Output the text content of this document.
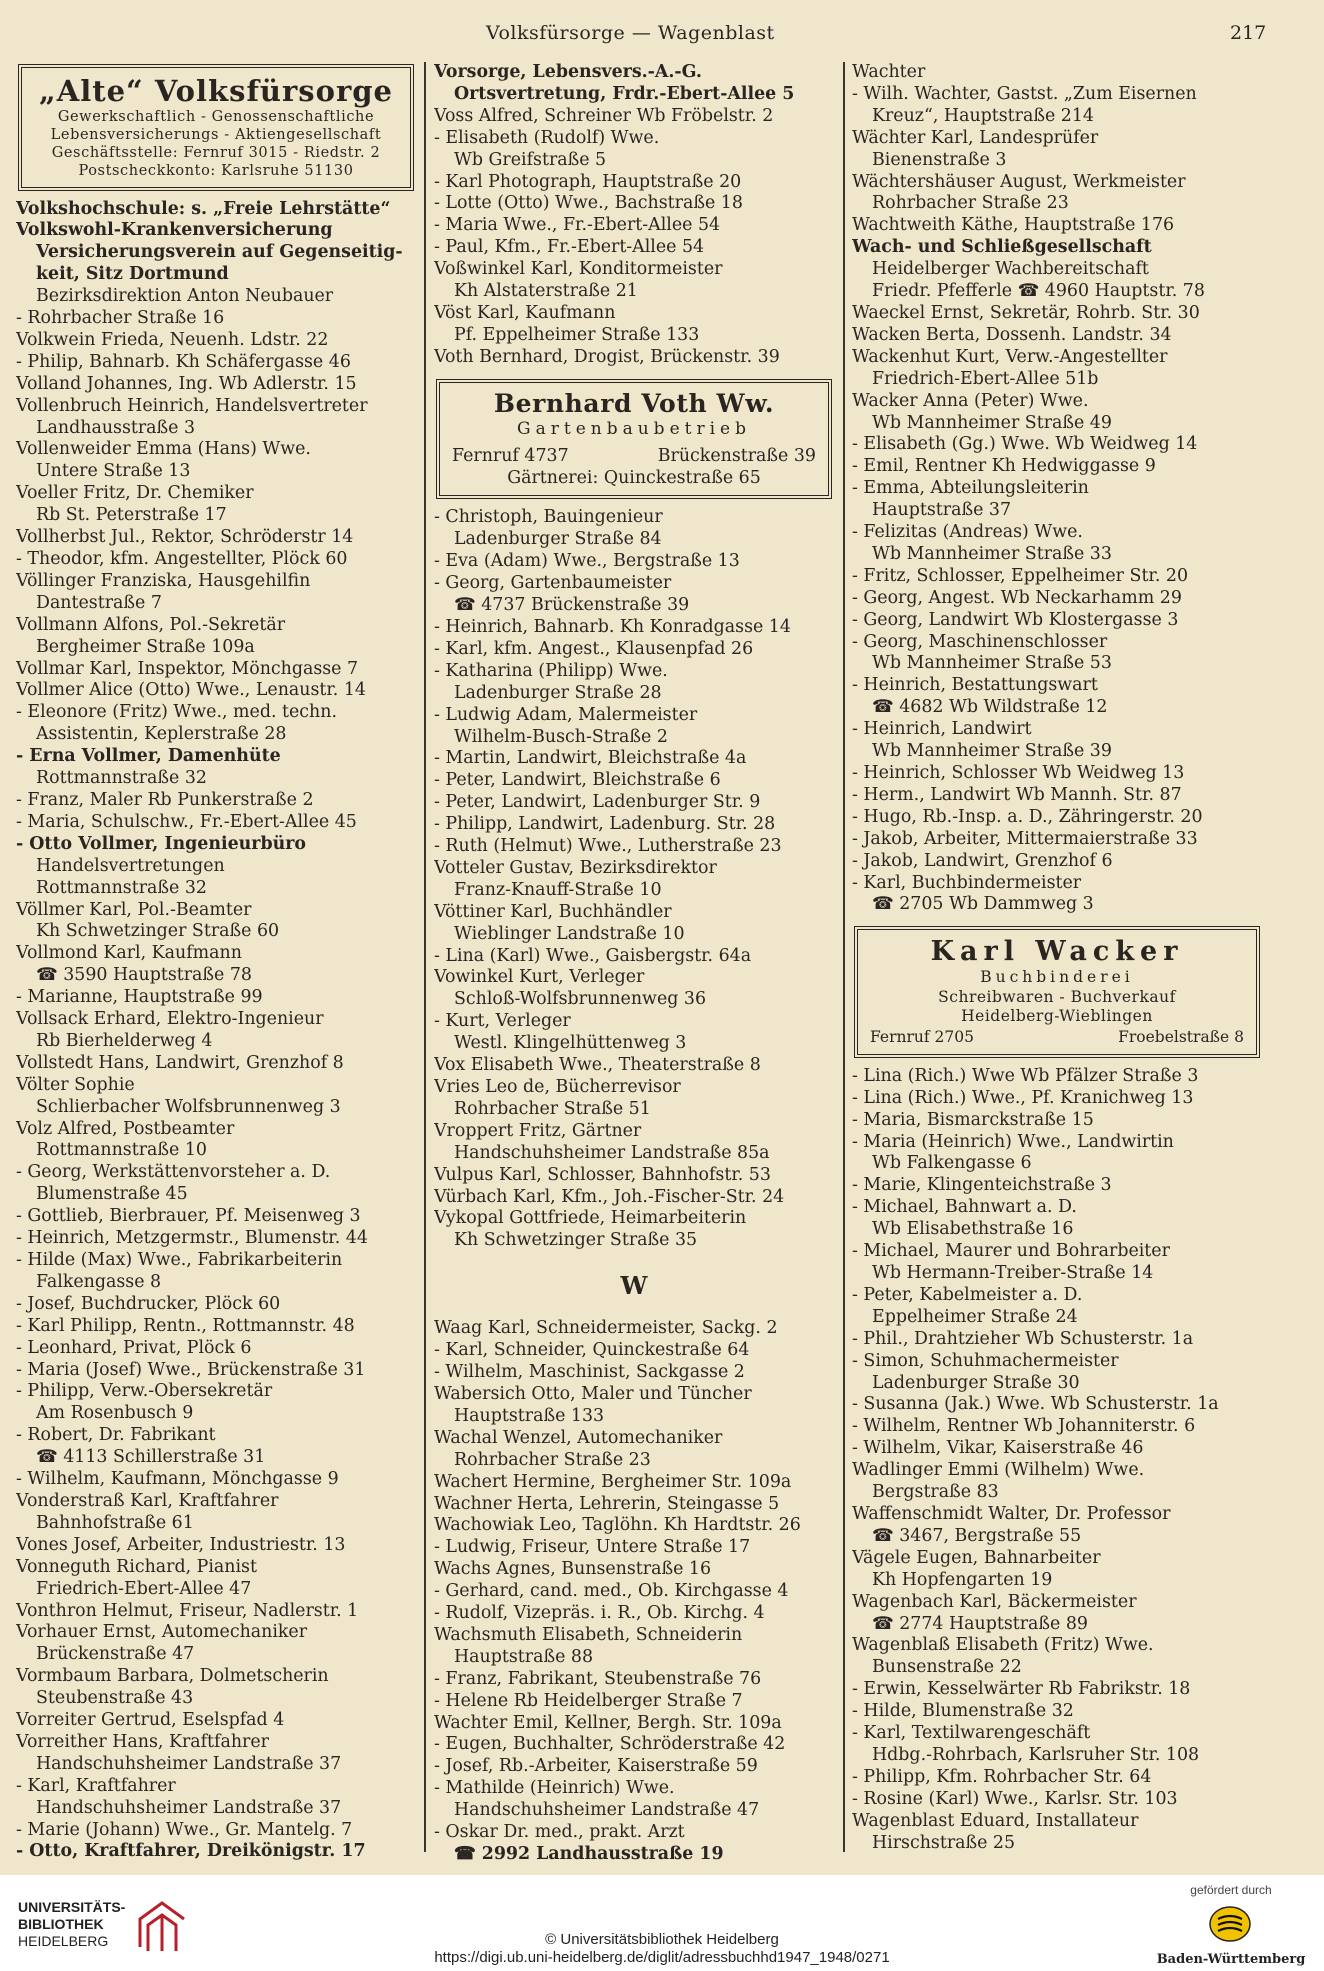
Volksfürsorge — Wagenblast	217
„Alte“ Volksfürsorge
Gewerkschaftlich - Genossenschaftliche
Lebensversicherungs - Aktiengesellschaft
Geschäftsstelle: Fernruf 3015 - Riedstr. 2
Postscheckkonto: Karlsruhe 51130
Volkshochschule: s. „Freie Lehrstätte“
Volkswohl-Krankenversicherung
Versicherungsverein auf Gegenseitig-
keit, Sitz Dortmund
Bezirksdirektion Anton Neubauer
- Rohrbacher Straße 16
Volkwein Frieda, Neuenh. Ldstr. 22
- Philip, Bahnarb. Kh Schäfergasse 46
Volland Johannes, Ing. Wb Adlerstr. 15
Vollenbruch Heinrich, Handelsvertreter
Landhausstraße 3
Vollenweider Emma (Hans) Wwe.
Untere Straße 13
Voeller Fritz, Dr. Chemiker
Rb St. Peterstraße 17
Vollherbst Jul., Rektor, Schröderstr 14
- Theodor, kfm. Angestellter, Plöck 60
Völlinger Franziska, Hausgehilfin
Dantestraße 7
Vollmann Alfons, Pol.-Sekretär
Bergheimer Straße 109a
Vollmar Karl, Inspektor, Mönchgasse 7
Vollmer Alice (Otto) Wwe., Lenaustr. 14
- Eleonore (Fritz) Wwe., med. techn.
Assistentin, Keplerstraße 28
- Erna Vollmer, Damenhüte
Rottmannstraße 32
- Franz, Maler Rb Punkerstraße 2
- Maria, Schulschw., Fr.-Ebert-Allee 45
- Otto Vollmer, Ingenieurbüro
Handelsvertretungen
Rottmannstraße 32
Völlmer Karl, Pol.-Beamter
Kh Schwetzinger Straße 60
Vollmond Karl, Kaufmann
☎ 3590 Hauptstraße 78
- Marianne, Hauptstraße 99
Vollsack Erhard, Elektro-Ingenieur
Rb Bierhelderweg 4
Vollstedt Hans, Landwirt, Grenzhof 8
Völter Sophie
Schlierbacher Wolfsbrunnenweg 3
Volz Alfred, Postbeamter
Rottmannstraße 10
- Georg, Werkstättenvorsteher a. D.
Blumenstraße 45
- Gottlieb, Bierbrauer, Pf. Meisenweg 3
- Heinrich, Metzgermstr., Blumenstr. 44
- Hilde (Max) Wwe., Fabrikarbeiterin
Falkengasse 8
- Josef, Buchdrucker, Plöck 60
- Karl Philipp, Rentn., Rottmannstr. 48
- Leonhard, Privat, Plöck 6
- Maria (Josef) Wwe., Brückenstraße 31
- Philipp, Verw.-Obersekretär
Am Rosenbusch 9
- Robert, Dr. Fabrikant
☎ 4113 Schillerstraße 31
- Wilhelm, Kaufmann, Mönchgasse 9
Vonderstraß Karl, Kraftfahrer
Bahnhofstraße 61
Vones Josef, Arbeiter, Industriestr. 13
Vonneguth Richard, Pianist
Friedrich-Ebert-Allee 47
Vonthron Helmut, Friseur, Nadlerstr. 1
Vorhauer Ernst, Automechaniker
Brückenstraße 47
Vormbaum Barbara, Dolmetscherin
Steubenstraße 43
Vorreiter Gertrud, Eselspfad 4
Vorreither Hans, Kraftfahrer
Handschuhsheimer Landstraße 37
- Karl, Kraftfahrer
Handschuhsheimer Landstraße 37
- Marie (Johann) Wwe., Gr. Mantelg. 7
- Otto, Kraftfahrer, Dreikönigstr. 17
Vorsorge, Lebensvers.-A.-G.
Ortsvertretung, Frdr.-Ebert-Allee 5
Voss Alfred, Schreiner Wb Fröbelstr. 2
- Elisabeth (Rudolf) Wwe.
Wb Greifstraße 5
- Karl Photograph, Hauptstraße 20
- Lotte (Otto) Wwe., Bachstraße 18
- Maria Wwe., Fr.-Ebert-Allee 54
- Paul, Kfm., Fr.-Ebert-Allee 54
Voßwinkel Karl, Konditormeister
Kh Alstaterstraße 21
Vöst Karl, Kaufmann
Pf. Eppelheimer Straße 133
Voth Bernhard, Drogist, Brückenstr. 39
Bernhard Voth Ww.
Gartenbaubetrieb
Fernruf 4737	Brückenstraße 39
Gärtnerei: Quinckestraße 65
- Christoph, Bauingenieur
Ladenburger Straße 84
- Eva (Adam) Wwe., Bergstraße 13
- Georg, Gartenbaumeister
☎ 4737 Brückenstraße 39
- Heinrich, Bahnarb. Kh Konradgasse 14
- Karl, kfm. Angest., Klausenpfad 26
- Katharina (Philipp) Wwe.
Ladenburger Straße 28
- Ludwig Adam, Malermeister
Wilhelm-Busch-Straße 2
- Martin, Landwirt, Bleichstraße 4a
- Peter, Landwirt, Bleichstraße 6
- Peter, Landwirt, Ladenburger Str. 9
- Philipp, Landwirt, Ladenburg. Str. 28
- Ruth (Helmut) Wwe., Lutherstraße 23
Votteler Gustav, Bezirksdirektor
Franz-Knauff-Straße 10
Vöttiner Karl, Buchhändler
Wieblinger Landstraße 10
- Lina (Karl) Wwe., Gaisbergstr. 64a
Vowinkel Kurt, Verleger
Schloß-Wolfsbrunnenweg 36
- Kurt, Verleger
Westl. Klingelhüttenweg 3
Vox Elisabeth Wwe., Theaterstraße 8
Vries Leo de, Bücherrevisor
Rohrbacher Straße 51
Vroppert Fritz, Gärtner
Handschuhsheimer Landstraße 85a
Vulpus Karl, Schlosser, Bahnhofstr. 53
Vürbach Karl, Kfm., Joh.-Fischer-Str. 24
Vykopal Gottfriede, Heimarbeiterin
Kh Schwetzinger Straße 35
W
Waag Karl, Schneidermeister, Sackg. 2
- Karl, Schneider, Quinckestraße 64
- Wilhelm, Maschinist, Sackgasse 2
Wabersich Otto, Maler und Tüncher
Hauptstraße 133
Wachal Wenzel, Automechaniker
Rohrbacher Straße 23
Wachert Hermine, Bergheimer Str. 109a
Wachner Herta, Lehrerin, Steingasse 5
Wachowiak Leo, Taglöhn. Kh Hardtstr. 26
- Ludwig, Friseur, Untere Straße 17
Wachs Agnes, Bunsenstraße 16
- Gerhard, cand. med., Ob. Kirchgasse 4
- Rudolf, Vizepräs. i. R., Ob. Kirchg. 4
Wachsmuth Elisabeth, Schneiderin
Hauptstraße 88
- Franz, Fabrikant, Steubenstraße 76
- Helene Rb Heidelberger Straße 7
Wachter Emil, Kellner, Bergh. Str. 109a
- Eugen, Buchhalter, Schröderstraße 42
- Josef, Rb.-Arbeiter, Kaiserstraße 59
- Mathilde (Heinrich) Wwe.
Handschuhsheimer Landstraße 47
- Oskar Dr. med., prakt. Arzt
☎ 2992 Landhausstraße 19
Wachter
- Wilh. Wachter, Gastst. „Zum Eisernen
Kreuz“, Hauptstraße 214
Wächter Karl, Landesprüfer
Bienenstraße 3
Wächtershäuser August, Werkmeister
Rohrbacher Straße 23
Wachtweith Käthe, Hauptstraße 176
Wach- und Schließgesellschaft
Heidelberger Wachbereitschaft
Friedr. Pfefferle ☎ 4960 Hauptstr. 78
Waeckel Ernst, Sekretär, Rohrb. Str. 30
Wacken Berta, Dossenh. Landstr. 34
Wackenhut Kurt, Verw.-Angestellter
Friedrich-Ebert-Allee 51b
Wacker Anna (Peter) Wwe.
Wb Mannheimer Straße 49
- Elisabeth (Gg.) Wwe. Wb Weidweg 14
- Emil, Rentner Kh Hedwiggasse 9
- Emma, Abteilungsleiterin
Hauptstraße 37
- Felizitas (Andreas) Wwe.
Wb Mannheimer Straße 33
- Fritz, Schlosser, Eppelheimer Str. 20
- Georg, Angest. Wb Neckarhamm 29
- Georg, Landwirt Wb Klostergasse 3
- Georg, Maschinenschlosser
Wb Mannheimer Straße 53
- Heinrich, Bestattungswart
☎ 4682 Wb Wildstraße 12
- Heinrich, Landwirt
Wb Mannheimer Straße 39
- Heinrich, Schlosser Wb Weidweg 13
- Herm., Landwirt Wb Mannh. Str. 87
- Hugo, Rb.-Insp. a. D., Zähringerstr. 20
- Jakob, Arbeiter, Mittermaierstraße 33
- Jakob, Landwirt, Grenzhof 6
- Karl, Buchbindermeister
☎ 2705 Wb Dammweg 3
Karl Wacker
Buchbinderei
Schreibwaren - Buchverkauf
Heidelberg-Wieblingen
Fernruf 2705	Froebelstraße 8
- Lina (Rich.) Wwe Wb Pfälzer Straße 3
- Lina (Rich.) Wwe., Pf. Kranichweg 13
- Maria, Bismarckstraße 15
- Maria (Heinrich) Wwe., Landwirtin
Wb Falkengasse 6
- Marie, Klingenteichstraße 3
- Michael, Bahnwart a. D.
Wb Elisabethstraße 16
- Michael, Maurer und Bohrarbeiter
Wb Hermann-Treiber-Straße 14
- Peter, Kabelmeister a. D.
Eppelheimer Straße 24
- Phil., Drahtzieher Wb Schusterstr. 1a
- Simon, Schuhmachermeister
Ladenburger Straße 30
- Susanna (Jak.) Wwe. Wb Schusterstr. 1a
- Wilhelm, Rentner Wb Johanniterstr. 6
- Wilhelm, Vikar, Kaiserstraße 46
Wadlinger Emmi (Wilhelm) Wwe.
Bergstraße 83
Waffenschmidt Walter, Dr. Professor
☎ 3467, Bergstraße 55
Vägele Eugen, Bahnarbeiter
Kh Hopfengarten 19
Wagenbach Karl, Bäckermeister
☎ 2774 Hauptstraße 89
Wagenblaß Elisabeth (Fritz) Wwe.
Bunsenstraße 22
- Erwin, Kesselwärter Rb Fabrikstr. 18
- Hilde, Blumenstraße 32
- Karl, Textilwarengeschäft
Hdbg.-Rohrbach, Karlsruher Str. 108
- Philipp, Kfm. Rohrbacher Str. 64
- Rosine (Karl) Wwe., Karlsr. Str. 103
Wagenblast Eduard, Installateur
Hirschstraße 25
UNIVERSITÄTS-
BIBLIOTHEK
HEIDELBERG	© Universitätsbibliothek Heidelberg
https://digi.ub.uni-heidelberg.de/diglit/adressbuchhd1947_1948/0271
gefördert durch
Baden-Württemberg
